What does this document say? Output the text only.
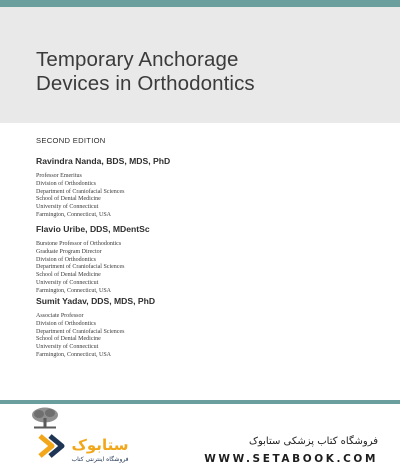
Temporary Anchorage
Devices in Orthodontics
SECOND EDITION
Ravindra Nanda, BDS, MDS, PhD
Professor Emeritus
Division of Orthodontics
Department of Craniofacial Sciences
School of Dental Medicine
University of Connecticut
Farmington, Connecticut, USA
Flavio Uribe, DDS, MDentSc
Burstone Professor of Orthodontics
Graduate Program Director
Division of Orthodontics
Department of Craniofacial Sciences
School of Dental Medicine
University of Connecticut
Farmington, Connecticut, USA
Sumit Yadav, DDS, MDS, PhD
Associate Professor
Division of Orthodontics
Department of Craniofacial Sciences
School of Dental Medicine
University of Connecticut
Farmington, Connecticut, USA
ستابوک
فروشگاه اینترنتی کتاب
فروشگاه کتاب پزشکی ستابوک
WWW.SETABOOK.COM
